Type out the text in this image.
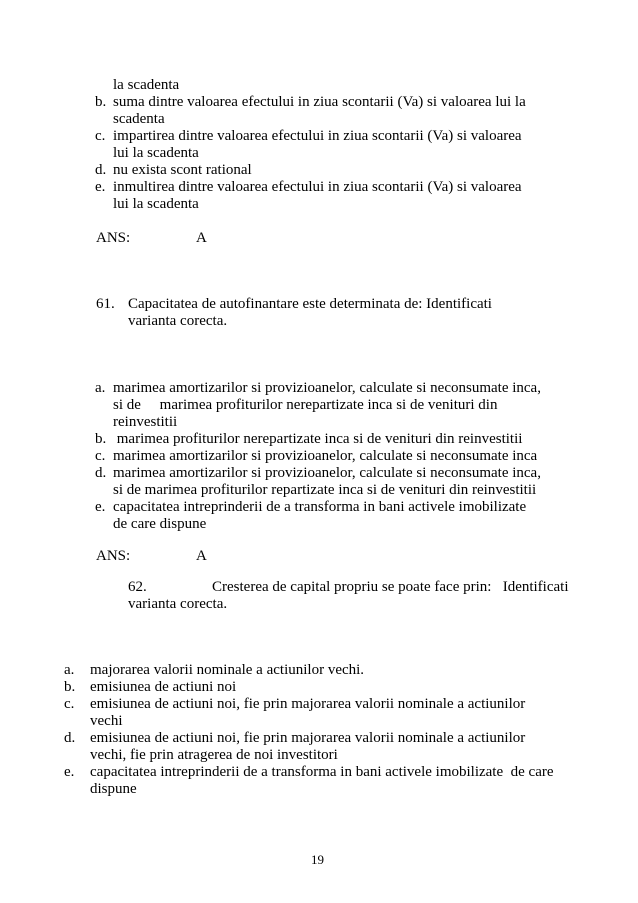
la scadenta
b. suma dintre valoarea efectului in ziua scontarii (Va) si valoarea lui la
scadenta
c. impartirea dintre valoarea efectului in ziua scontarii (Va) si valoarea
lui la scadenta
d. nu exista scont rational
e. inmultirea dintre valoarea efectului in ziua scontarii (Va) si valoarea
lui la scadenta
ANS:	A
61. Capacitatea de autofinantare este determinata de: Identificati
varianta corecta.
a. marimea amortizarilor si provizioanelor, calculate si neconsumate inca,
si de     marimea profiturilor nerepartizate inca si de venituri din
reinvestitii
b. marimea profiturilor nerepartizate inca si de venituri din reinvestitii
c. marimea amortizarilor si provizioanelor, calculate si neconsumate inca
d. marimea amortizarilor si provizioanelor, calculate si neconsumate inca,
si de marimea profiturilor repartizate inca si de venituri din reinvestitii
e. capacitatea intreprinderii de a transforma in bani activele imobilizate
de care dispune
ANS:	A
62.	Cresterea de capital propriu se poate face prin:   Identificati
varianta corecta.
a. majorarea valorii nominale a actiunilor vechi.
b. emisiunea de actiuni noi
c. emisiunea de actiuni noi, fie prin majorarea valorii nominale a actiunilor
vechi
d. emisiunea de actiuni noi, fie prin majorarea valorii nominale a actiunilor
vechi, fie prin atragerea de noi investitori
e. capacitatea intreprinderii de a transforma in bani activele imobilizate  de care
dispune
19
